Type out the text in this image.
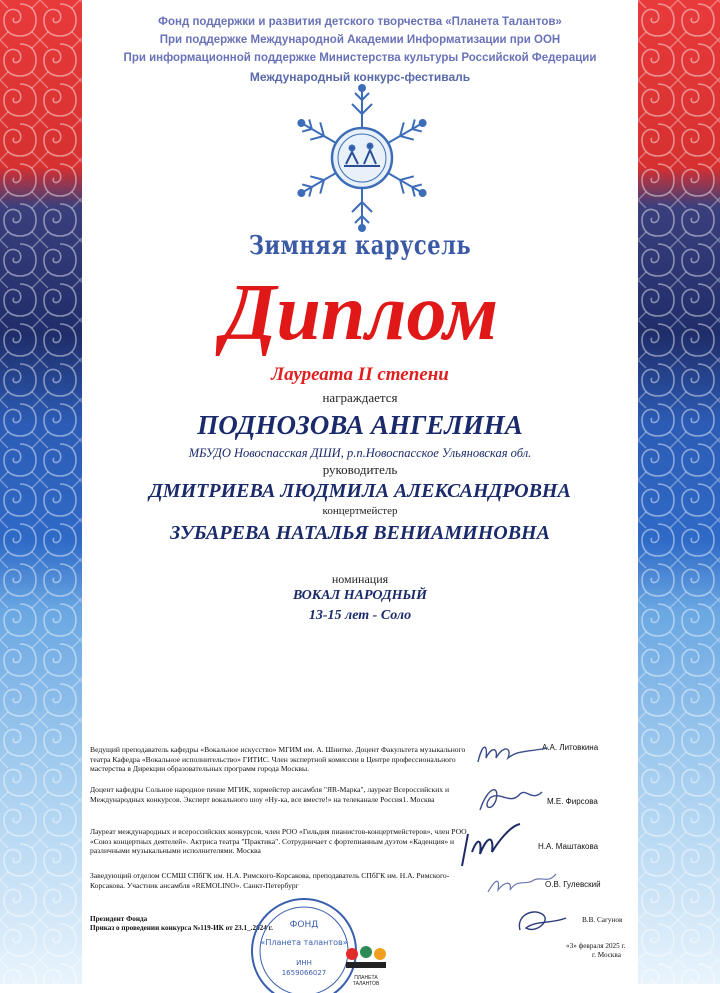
Фонд поддержки и развития детского творчества «Планета Талантов»
При поддержке Международной Академии Информатизации при ООН
При информационной поддержке Министерства культуры Российской Федерации
Международный конкурс-фестиваль
Зимняя карусель
Диплом
Лауреата II степени
награждается
ПОДНОЗОВА АНГЕЛИНА
МБУДО Новоспасская ДШИ, р.п.Новоспасское Ульяновская обл.
руководитель
ДМИТРИЕВА ЛЮДМИЛА АЛЕКСАНДРОВНА
концертмейстер
ЗУБАРЕВА НАТАЛЬЯ ВЕНИАМИНОВНА
номинация
ВОКАЛ НАРОДНЫЙ
13-15 лет - Соло
Ведущий преподаватель кафедры «Вокальное искусство» МГИМ им. А. Шнитке. Доцент Факультета музыкального театра Кафедра «Вокальное исполнительство» ГИТИС. Член экспертной комиссии в Центре профессионального мастерства в Дирекции образовательных программ города Москвы.
А.А. Литовкина
Доцент кафедры Сольное народное пение МГИК, хормейстер ансамбля "ЯR-Марка", лауреат Всероссийских и Международных конкурсов. Эксперт вокального шоу «Ну-ка, все вместе!» на телеканале Россия1. Москва	М.Е. Фирсова
Лауреат международных и всероссийских конкурсов, член РОО «Гильдия пианистов-концертмейстеров», член РОО «Союз концертных деятелей». Актриса театра "Практика". Сотрудничает с фортепианным дуэтом «Каденция» и различными музыкальными исполнителями. Москва	Н.А. Маштакова
Заведующий отделом ССМШ СПбГК им. Н.А. Римского-Корсакова, преподаватель СПбГК им. Н.А. Римского-Корсакова. Участник ансамбля «REMOLINO». Санкт-Петербург	О.В. Гулевский
Президент Фонда
Приказ о проведении конкурса №119-ИК от 23.1_.2024 г.
В.В. Сагунов
«3» февраля 2025 г.
г. Москва
ФОНД
«Планета талантов»
ИНН
1659066027
ПЛАНЕТА ТАЛАНТОВ
